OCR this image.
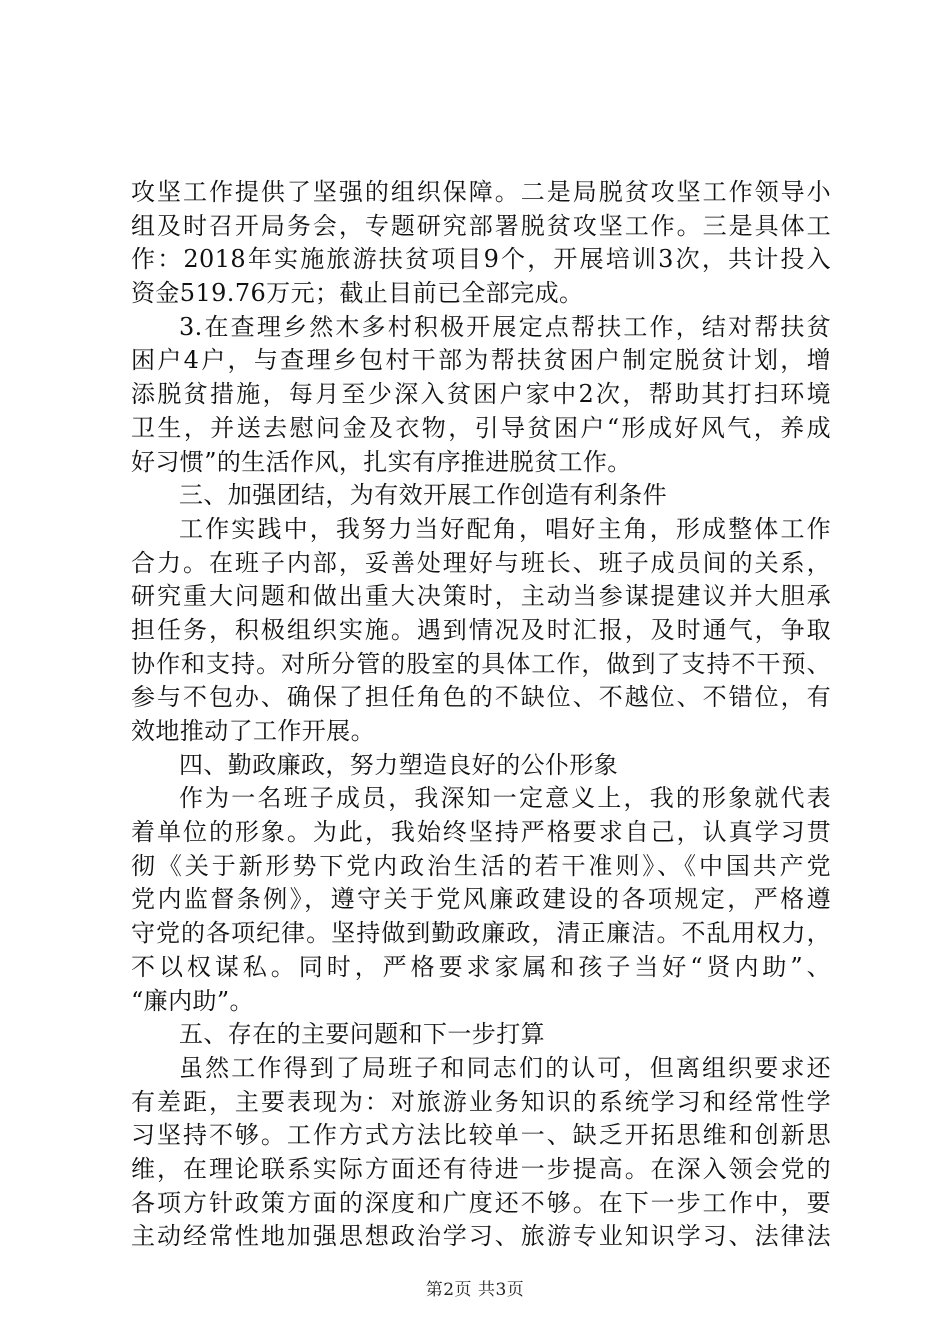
攻坚工作提供了坚强的组织保障。二是局脱贫攻坚工作领导小
组及时召开局务会，专题研究部署脱贫攻坚工作。三是具体工
作：2018年实施旅游扶贫项目9个，开展培训3次，共计投入
资金519.76万元；截止目前已全部完成。
3.在查理乡然木多村积极开展定点帮扶工作，结对帮扶贫
困户4户，与查理乡包村干部为帮扶贫困户制定脱贫计划，增
添脱贫措施，每月至少深入贫困户家中2次，帮助其打扫环境
卫生，并送去慰问金及衣物，引导贫困户“形成好风气，养成
好习惯”的生活作风，扎实有序推进脱贫工作。
三、加强团结，为有效开展工作创造有利条件
工作实践中，我努力当好配角，唱好主角，形成整体工作
合力。在班子内部，妥善处理好与班长、班子成员间的关系，
研究重大问题和做出重大决策时，主动当参谋提建议并大胆承
担任务，积极组织实施。遇到情况及时汇报，及时通气，争取
协作和支持。对所分管的股室的具体工作，做到了支持不干预、
参与不包办、确保了担任角色的不缺位、不越位、不错位，有
效地推动了工作开展。
四、勤政廉政，努力塑造良好的公仆形象
作为一名班子成员，我深知一定意义上，我的形象就代表
着单位的形象。为此，我始终坚持严格要求自己，认真学习贯
彻《关于新形势下党内政治生活的若干准则》、《中国共产党
党内监督条例》，遵守关于党风廉政建设的各项规定，严格遵
守党的各项纪律。坚持做到勤政廉政，清正廉洁。不乱用权力，
不以权谋私。同时，严格要求家属和孩子当好“贤内助”、
“廉内助”。
五、存在的主要问题和下一步打算
虽然工作得到了局班子和同志们的认可，但离组织要求还
有差距，主要表现为：对旅游业务知识的系统学习和经常性学
习坚持不够。工作方式方法比较单一、缺乏开拓思维和创新思
维，在理论联系实际方面还有待进一步提高。在深入领会党的
各项方针政策方面的深度和广度还不够。在下一步工作中，要
主动经常性地加强思想政治学习、旅游专业知识学习、法律法
第2页 共3页
